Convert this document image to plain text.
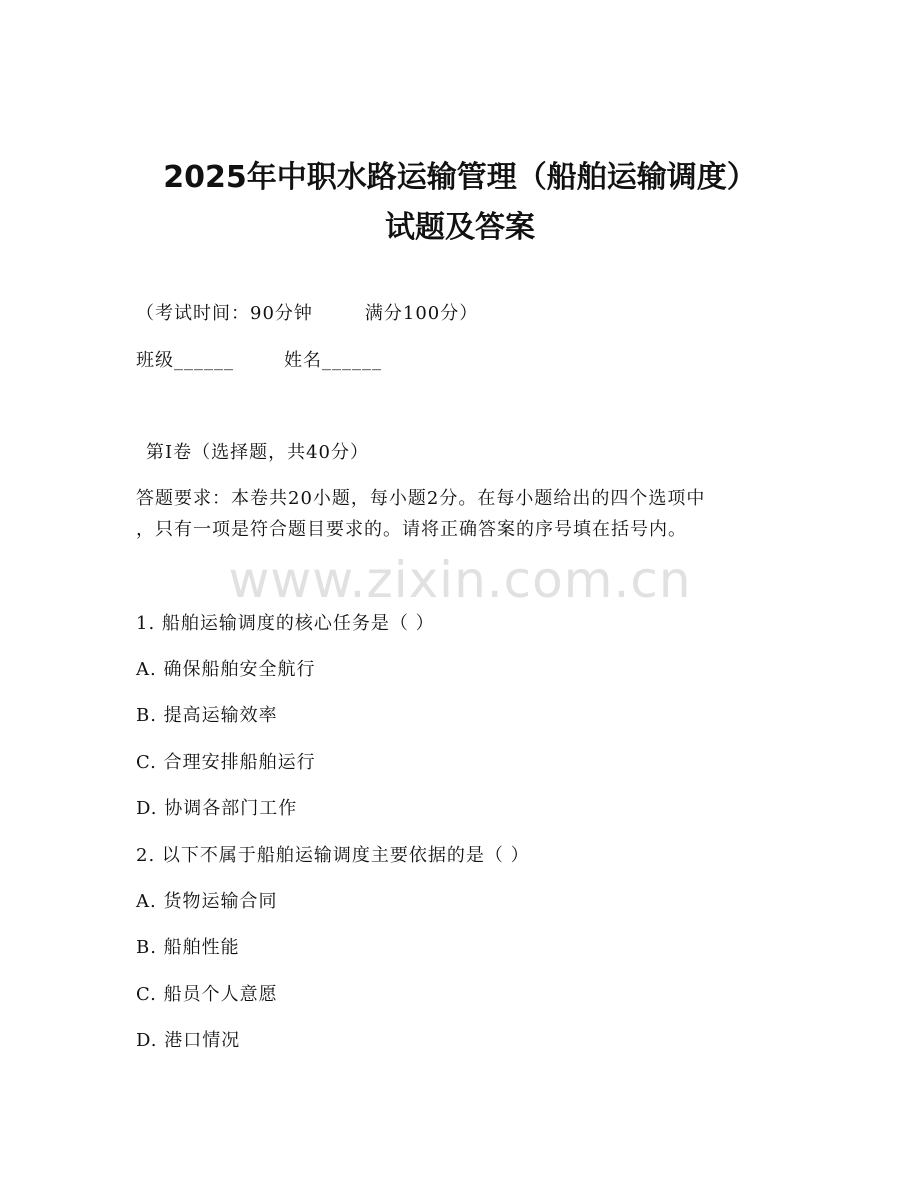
2025年中职水路运输管理（船舶运输调度）
试题及答案
（考试时间：90分钟	满分100分）
班级______	姓名______
第I卷（选择题，共40分）
答题要求：本卷共20小题，每小题2分。在每小题给出的四个选项中
，只有一项是符合题目要求的。请将正确答案的序号填在括号内。
www.zixin.com.cn
1. 船舶运输调度的核心任务是（ ）
A. 确保船舶安全航行
B. 提高运输效率
C. 合理安排船舶运行
D. 协调各部门工作
2. 以下不属于船舶运输调度主要依据的是（ ）
A. 货物运输合同
B. 船舶性能
C. 船员个人意愿
D. 港口情况
